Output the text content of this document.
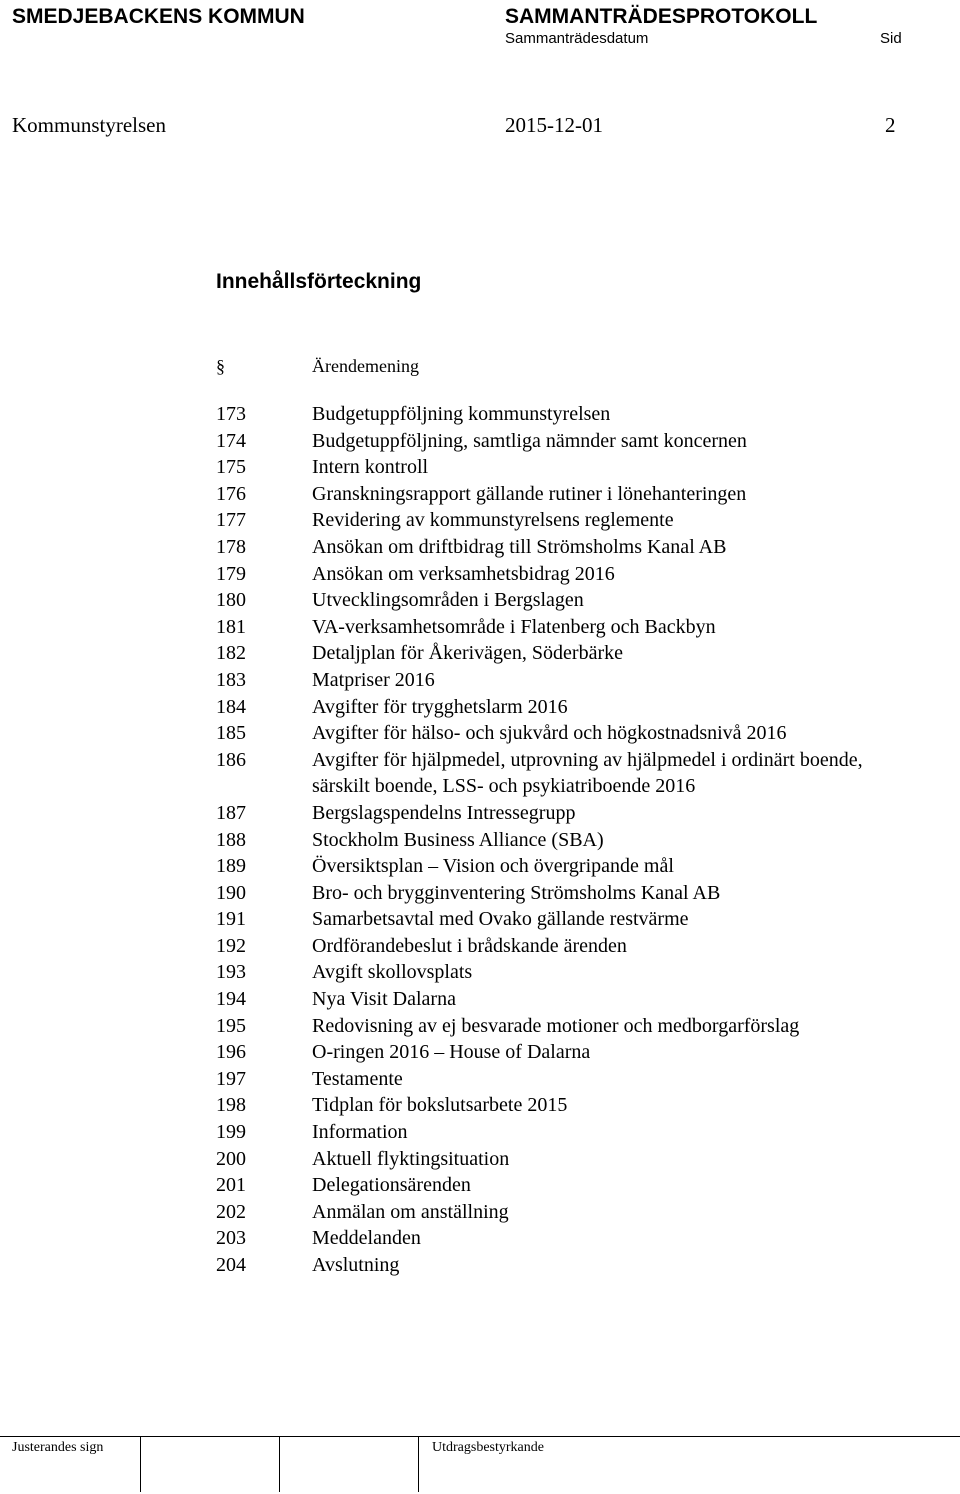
SMEDJEBACKENS KOMMUN	SAMMANTRÄDESPROTOKOLL
Sammanträdesdatum	Sid
Kommunstyrelsen	2015-12-01	2
Innehållsförteckning
§	Ärendemening
173	Budgetuppföljning kommunstyrelsen
174	Budgetuppföljning, samtliga nämnder samt koncernen
175	Intern kontroll
176	Granskningsrapport gällande rutiner i lönehanteringen
177	Revidering av kommunstyrelsens reglemente
178	Ansökan om driftbidrag till Strömsholms Kanal AB
179	Ansökan om verksamhetsbidrag 2016
180	Utvecklingsområden i Bergslagen
181	VA-verksamhetsområde i Flatenberg och Backbyn
182	Detaljplan för Åkerivägen, Söderbärke
183	Matpriser 2016
184	Avgifter för trygghetslarm 2016
185	Avgifter för hälso- och sjukvård och högkostnadsnivå 2016
186	Avgifter för hjälpmedel, utprovning av hjälpmedel i ordinärt boende, särskilt boende, LSS- och psykiatriboende 2016
187	Bergslagspendelns Intressegrupp
188	Stockholm Business Alliance (SBA)
189	Översiktsplan – Vision och övergripande mål
190	Bro- och brygginventering Strömsholms Kanal AB
191	Samarbetsavtal med Ovako gällande restvärme
192	Ordförandebeslut i brådskande ärenden
193	Avgift skollovsplats
194	Nya Visit Dalarna
195	Redovisning av ej besvarade motioner och medborgarförslag
196	O-ringen 2016 – House of Dalarna
197	Testamente
198	Tidplan för bokslutsarbete 2015
199	Information
200	Aktuell flyktingsituation
201	Delegationsärenden
202	Anmälan om anställning
203	Meddelanden
204	Avslutning
Justerandes sign	Utdragsbestyrkande
